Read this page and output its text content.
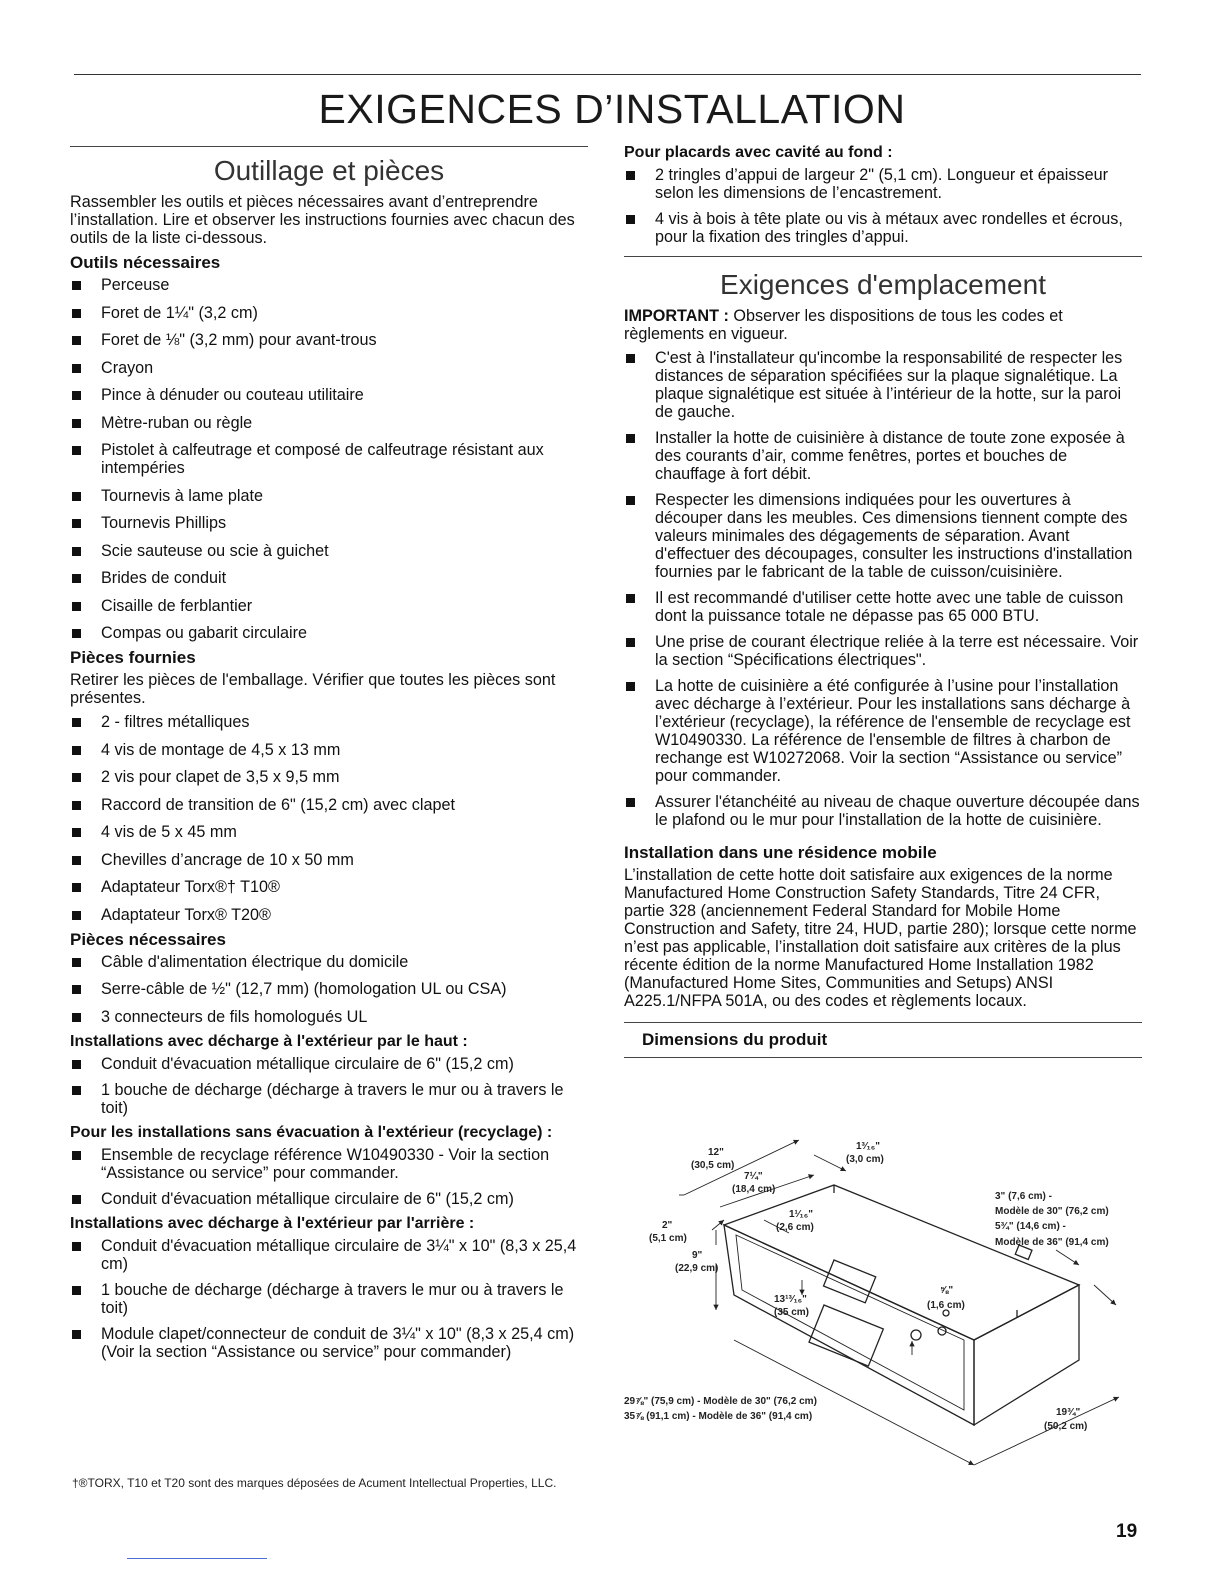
EXIGENCES D’INSTALLATION
Outillage et pièces

Rassembler les outils et pièces nécessaires avant d’entreprendre l’installation. Lire et observer les instructions fournies avec chacun des outils de la liste ci-dessous.

Outils nécessaires
Perceuse
Foret de 1¼" (3,2 cm)
Foret de ⅛" (3,2 mm) pour avant-trous
Crayon
Pince à dénuder ou couteau utilitaire
Mètre-ruban ou règle
Pistolet à calfeutrage et composé de calfeutrage résistant aux intempéries
Tournevis à lame plate
Tournevis Phillips
Scie sauteuse ou scie à guichet
Brides de conduit
Cisaille de ferblantier
Compas ou gabarit circulaire
Pièces fournies

Retirer les pièces de l'emballage. Vérifier que toutes les pièces sont présentes.

2 - filtres métalliques
4 vis de montage de 4,5 x 13 mm
2 vis pour clapet de 3,5 x 9,5 mm
Raccord de transition de 6" (15,2 cm) avec clapet
4 vis de 5 x 45 mm
Chevilles d’ancrage de 10 x 50 mm
Adaptateur Torx®† T10®
Adaptateur Torx® T20®
Pièces nécessaires
Câble d'alimentation électrique du domicile
Serre-câble de ½" (12,7 mm) (homologation UL ou CSA)
3 connecteurs de fils homologués UL
Installations avec décharge à l'extérieur par le haut :
Conduit d'évacuation métallique circulaire de 6" (15,2 cm)
1 bouche de décharge (décharge à travers le mur ou à travers le toit)
Pour les installations sans évacuation à l'extérieur (recyclage) :
Ensemble de recyclage référence W10490330 - Voir la section “Assistance ou service” pour commander.
Conduit d'évacuation métallique circulaire de 6" (15,2 cm)
Installations avec décharge à l'extérieur par l'arrière :
Conduit d'évacuation métallique circulaire de 3¼" x 10" (8,3 x 25,4 cm)
1 bouche de décharge (décharge à travers le mur ou à travers le toit)
Module clapet/connecteur de conduit de 3¼" x 10" (8,3 x 25,4 cm) (Voir la section “Assistance ou service” pour commander)
Pour placards avec cavité au fond :
2 tringles d’appui de largeur 2" (5,1 cm). Longueur et épaisseur selon les dimensions de l’encastrement.
4 vis à bois à tête plate ou vis à métaux avec rondelles et écrous, pour la fixation des tringles d’appui.
Exigences d'emplacement

IMPORTANT : Observer les dispositions de tous les codes et règlements en vigueur.

C'est à l'installateur qu'incombe la responsabilité de respecter les distances de séparation spécifiées sur la plaque signalétique. La plaque signalétique est située à l’intérieur de la hotte, sur la paroi de gauche.
Installer la hotte de cuisinière à distance de toute zone exposée à des courants d’air, comme fenêtres, portes et bouches de chauffage à fort débit.
Respecter les dimensions indiquées pour les ouvertures à découper dans les meubles. Ces dimensions tiennent compte des valeurs minimales des dégagements de séparation. Avant d'effectuer des découpages, consulter les instructions d'installation fournies par le fabricant de la table de cuisson/cuisinière.
Il est recommandé d'utiliser cette hotte avec une table de cuisson dont la puissance totale ne dépasse pas 65 000 BTU.
Une prise de courant électrique reliée à la terre est nécessaire. Voir la section “Spécifications électriques".
La hotte de cuisinière a été configurée à l’usine pour l’installation avec décharge à l’extérieur. Pour les installations sans décharge à l’extérieur (recyclage), la référence de l'ensemble de recyclage est W10490330. La référence de l'ensemble de filtres à charbon de rechange est W10272068. Voir la section “Assistance ou service” pour commander.
Assurer l'étanchéité au niveau de chaque ouverture découpée dans le plafond ou le mur pour l'installation de la hotte de cuisinière.
Installation dans une résidence mobile

L’installation de cette hotte doit satisfaire aux exigences de la norme Manufactured Home Construction Safety Standards, Titre 24 CFR, partie 328 (anciennement Federal Standard for Mobile Home Construction and Safety, titre 24, HUD, partie 280); lorsque cette norme n’est pas applicable, l’installation doit satisfaire aux critères de la plus récente édition de la norme Manufactured Home Installation 1982 (Manufactured Home Sites, Communities and Setups) ANSI A225.1/NFPA 501A, ou des codes et règlements locaux.

Dimensions du produit
12"
(30,5 cm)
7¼"
(18,4 cm)
1³⁄₁₆"
(3,0 cm)
1¹⁄₁₆"
(2,6 cm)
2"
(5,1 cm)
9"
(22,9 cm)
13¹³⁄₁₆"
(35 cm)
⅝"
(1,6 cm)
3" (7,6 cm) -
Modèle de 30" (76,2 cm)
5¾" (14,6 cm) -
Modèle de 36" (91,4 cm)
29⅞" (75,9 cm) - Modèle de 30" (76,2 cm)
35⅞ (91,1 cm) - Modèle de 36" (91,4 cm)	19¾"
(50,2 cm)
†®TORX, T10 et T20 sont des marques déposées de Acument Intellectual Properties, LLC.
19
